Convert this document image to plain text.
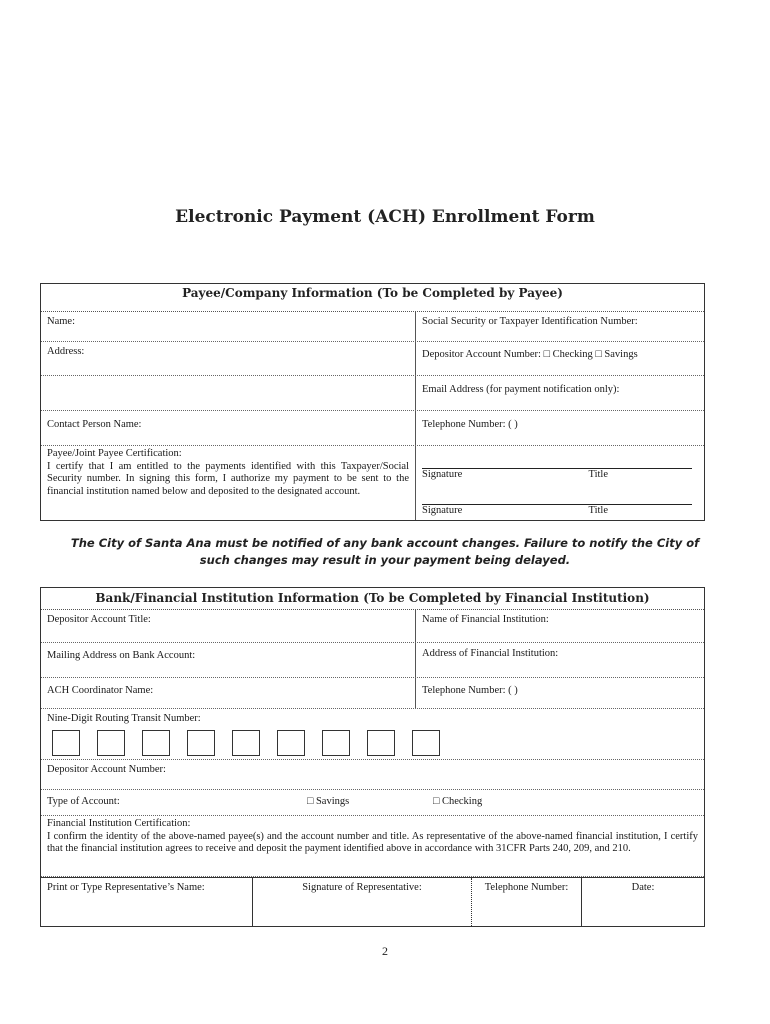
Electronic Payment (ACH) Enrollment Form
Payee/Company Information (To be Completed by Payee)
Name:	Social Security or Taxpayer Identification Number:
Address:	Depositor Account Number: □ Checking □ Savings
Email Address (for payment notification only):
Contact Person Name:	Telephone Number: ( )
Payee/Joint Payee Certification:
I certify that I am entitled to the payments identified with this Taxpayer/Social Security number. In signing this form, I authorize my payment to be sent to the financial institution named below and deposited to the designated account.
Signature	Title
Signature	Title
The City of Santa Ana must be notified of any bank account changes. Failure to notify the City of such changes may result in your payment being delayed.
Bank/Financial Institution Information (To be Completed by Financial Institution)
Depositor Account Title:	Name of Financial Institution:
Mailing Address on Bank Account:	Address of Financial Institution:
ACH Coordinator Name:	Telephone Number: ( )
Nine-Digit Routing Transit Number:
Depositor Account Number:
Type of Account:	□ Savings	□ Checking
Financial Institution Certification:
I confirm the identity of the above-named payee(s) and the account number and title. As representative of the above-named financial institution, I certify that the financial institution agrees to receive and deposit the payment identified above in accordance with 31CFR Parts 240, 209, and 210.
Print or Type Representative’s Name:	Signature of Representative:	Telephone Number:	Date:
2
